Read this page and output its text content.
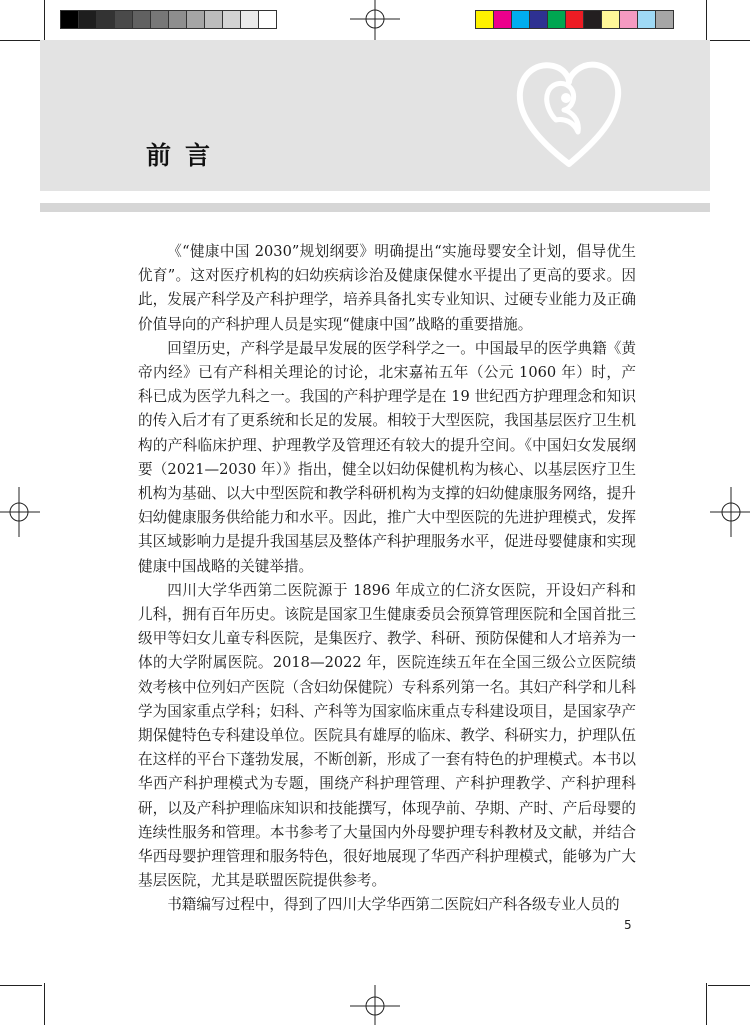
前言

《“健康中国 2030”规划纲要》明确提出“实施母婴安全计划，倡导优生优育”。这对医疗机构的妇幼疾病诊治及健康保健水平提出了更高的要求。因此，发展产科学及产科护理学，培养具备扎实专业知识、过硬专业能力及正确价值导向的产科护理人员是实现“健康中国”战略的重要措施。

回望历史，产科学是最早发展的医学科学之一。中国最早的医学典籍《黄帝内经》已有产科相关理论的讨论，北宋嘉祐五年（公元 1060 年）时，产科已成为医学九科之一。我国的产科护理学是在 19 世纪西方护理理念和知识的传入后才有了更系统和长足的发展。相较于大型医院，我国基层医疗卫生机构的产科临床护理、护理教学及管理还有较大的提升空间。《中国妇女发展纲要（2021—2030 年）》指出，健全以妇幼保健机构为核心、以基层医疗卫生机构为基础、以大中型医院和教学科研机构为支撑的妇幼健康服务网络，提升妇幼健康服务供给能力和水平。因此，推广大中型医院的先进护理模式，发挥其区域影响力是提升我国基层及整体产科护理服务水平，促进母婴健康和实现健康中国战略的关键举措。

四川大学华西第二医院源于 1896 年成立的仁济女医院，开设妇产科和儿科，拥有百年历史。该院是国家卫生健康委员会预算管理医院和全国首批三级甲等妇女儿童专科医院，是集医疗、教学、科研、预防保健和人才培养为一体的大学附属医院。2018—2022 年，医院连续五年在全国三级公立医院绩效考核中位列妇产医院（含妇幼保健院）专科系列第一名。其妇产科学和儿科学为国家重点学科；妇科、产科等为国家临床重点专科建设项目，是国家孕产期保健特色专科建设单位。医院具有雄厚的临床、教学、科研实力，护理队伍在这样的平台下蓬勃发展，不断创新，形成了一套有特色的护理模式。本书以华西产科护理模式为专题，围绕产科护理管理、产科护理教学、产科护理科研，以及产科护理临床知识和技能撰写，体现孕前、孕期、产时、产后母婴的连续性服务和管理。本书参考了大量国内外母婴护理专科教材及文献，并结合华西母婴护理管理和服务特色，很好地展现了华西产科护理模式，能够为广大基层医院，尤其是联盟医院提供参考。

书籍编写过程中，得到了四川大学华西第二医院妇产科各级专业人员的

5
